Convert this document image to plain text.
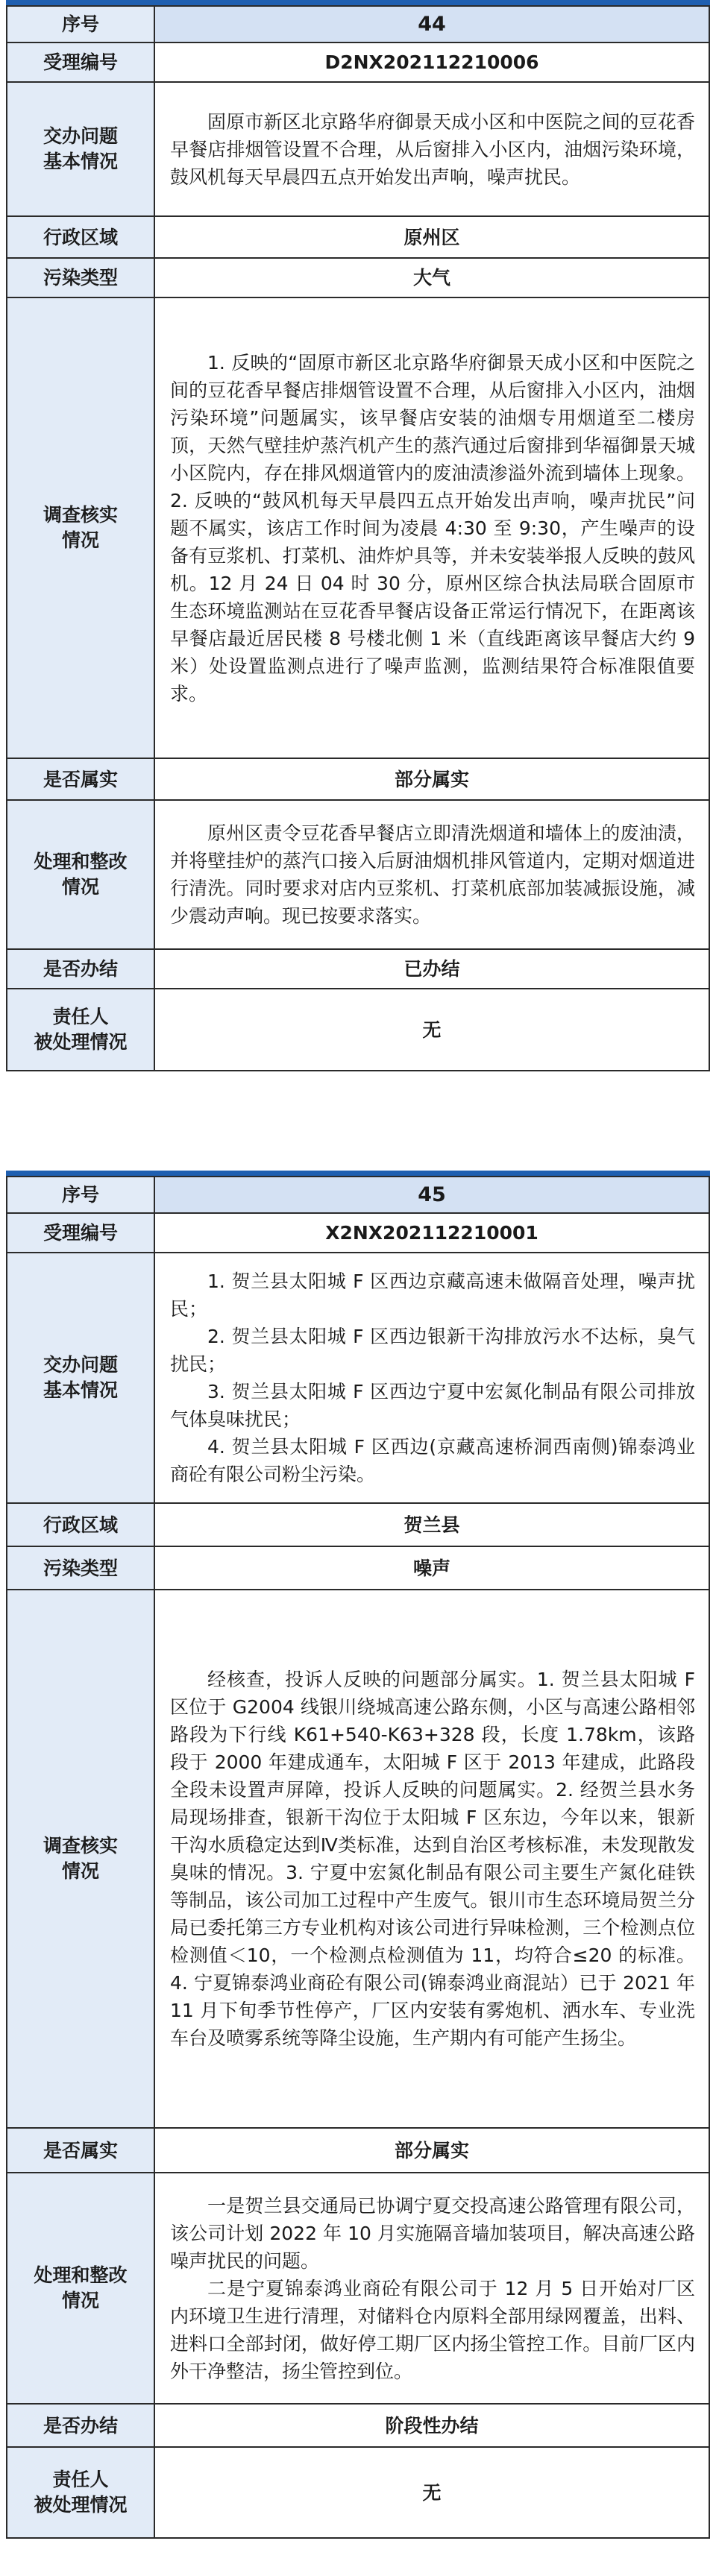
序号	44
受理编号	D2NX202112210006

交办问题
基本情况	固原市新区北京路华府御景天成小区和中医院之间的豆花香早餐店排烟管设置不合理，从后窗排入小区内，油烟污染环境，鼓风机每天早晨四五点开始发出声响，噪声扰民。
行政区域	原州区
污染类型	大气

调查核实
情况	1. 反映的“固原市新区北京路华府御景天成小区和中医院之间的豆花香早餐店排烟管设置不合理，从后窗排入小区内，油烟污染环境”问题属实，该早餐店安装的油烟专用烟道至二楼房顶，天然气壁挂炉蒸汽机产生的蒸汽通过后窗排到华福御景天城小区院内，存在排风烟道管内的废油渍渗溢外流到墙体上现象。2. 反映的“鼓风机每天早晨四五点开始发出声响，噪声扰民”问题不属实，该店工作时间为凌晨 4:30 至 9:30，产生噪声的设备有豆浆机、打菜机、油炸炉具等，并未安装举报人反映的鼓风机。12 月 24 日 04 时 30 分，原州区综合执法局联合固原市生态环境监测站在豆花香早餐店设备正常运行情况下，在距离该早餐店最近居民楼 8 号楼北侧 1 米（直线距离该早餐店大约 9 米）处设置监测点进行了噪声监测，监测结果符合标准限值要求。
是否属实	部分属实

处理和整改
情况	原州区责令豆花香早餐店立即清洗烟道和墙体上的废油渍，并将壁挂炉的蒸汽口接入后厨油烟机排风管道内，定期对烟道进行清洗。同时要求对店内豆浆机、打菜机底部加装减振设施，减少震动声响。现已按要求落实。
是否办结	已办结

责任人
被处理情况	无
序号	45
受理编号	X2NX202112210001

交办问题
基本情况	1. 贺兰县太阳城 F 区西边京藏高速未做隔音处理，噪声扰民；
2. 贺兰县太阳城 F 区西边银新干沟排放污水不达标，臭气扰民；
3. 贺兰县太阳城 F 区西边宁夏中宏氮化制品有限公司排放气体臭味扰民；
4. 贺兰县太阳城 F 区西边(京藏高速桥洞西南侧)锦泰鸿业商砼有限公司粉尘污染。

行政区域	贺兰县
污染类型	噪声

调查核实
情况	经核查，投诉人反映的问题部分属实。1. 贺兰县太阳城 F 区位于 G2004 线银川绕城高速公路东侧，小区与高速公路相邻路段为下行线 K61+540-K63+328 段，长度 1.78km，该路段于 2000 年建成通车，太阳城 F 区于 2013 年建成，此路段全段未设置声屏障，投诉人反映的问题属实。2. 经贺兰县水务局现场排查，银新干沟位于太阳城 F 区东边，今年以来，银新干沟水质稳定达到Ⅳ类标准，达到自治区考核标准，未发现散发臭味的情况。3. 宁夏中宏氮化制品有限公司主要生产氮化硅铁等制品，该公司加工过程中产生废气。银川市生态环境局贺兰分局已委托第三方专业机构对该公司进行异味检测，三个检测点位检测值＜10，一个检测点检测值为 11，均符合≤20 的标准。4. 宁夏锦泰鸿业商砼有限公司(锦泰鸿业商混站）已于 2021 年 11 月下旬季节性停产，厂区内安装有雾炮机、洒水车、专业洗车台及喷雾系统等降尘设施，生产期内有可能产生扬尘。
是否属实	部分属实

处理和整改
情况	一是贺兰县交通局已协调宁夏交投高速公路管理有限公司，该公司计划 2022 年 10 月实施隔音墙加装项目，解决高速公路噪声扰民的问题。
二是宁夏锦泰鸿业商砼有限公司于 12 月 5 日开始对厂区内环境卫生进行清理，对储料仓内原料全部用绿网覆盖，出料、进料口全部封闭，做好停工期厂区内扬尘管控工作。目前厂区内外干净整洁，扬尘管控到位。

是否办结	阶段性办结

责任人
被处理情况	无
